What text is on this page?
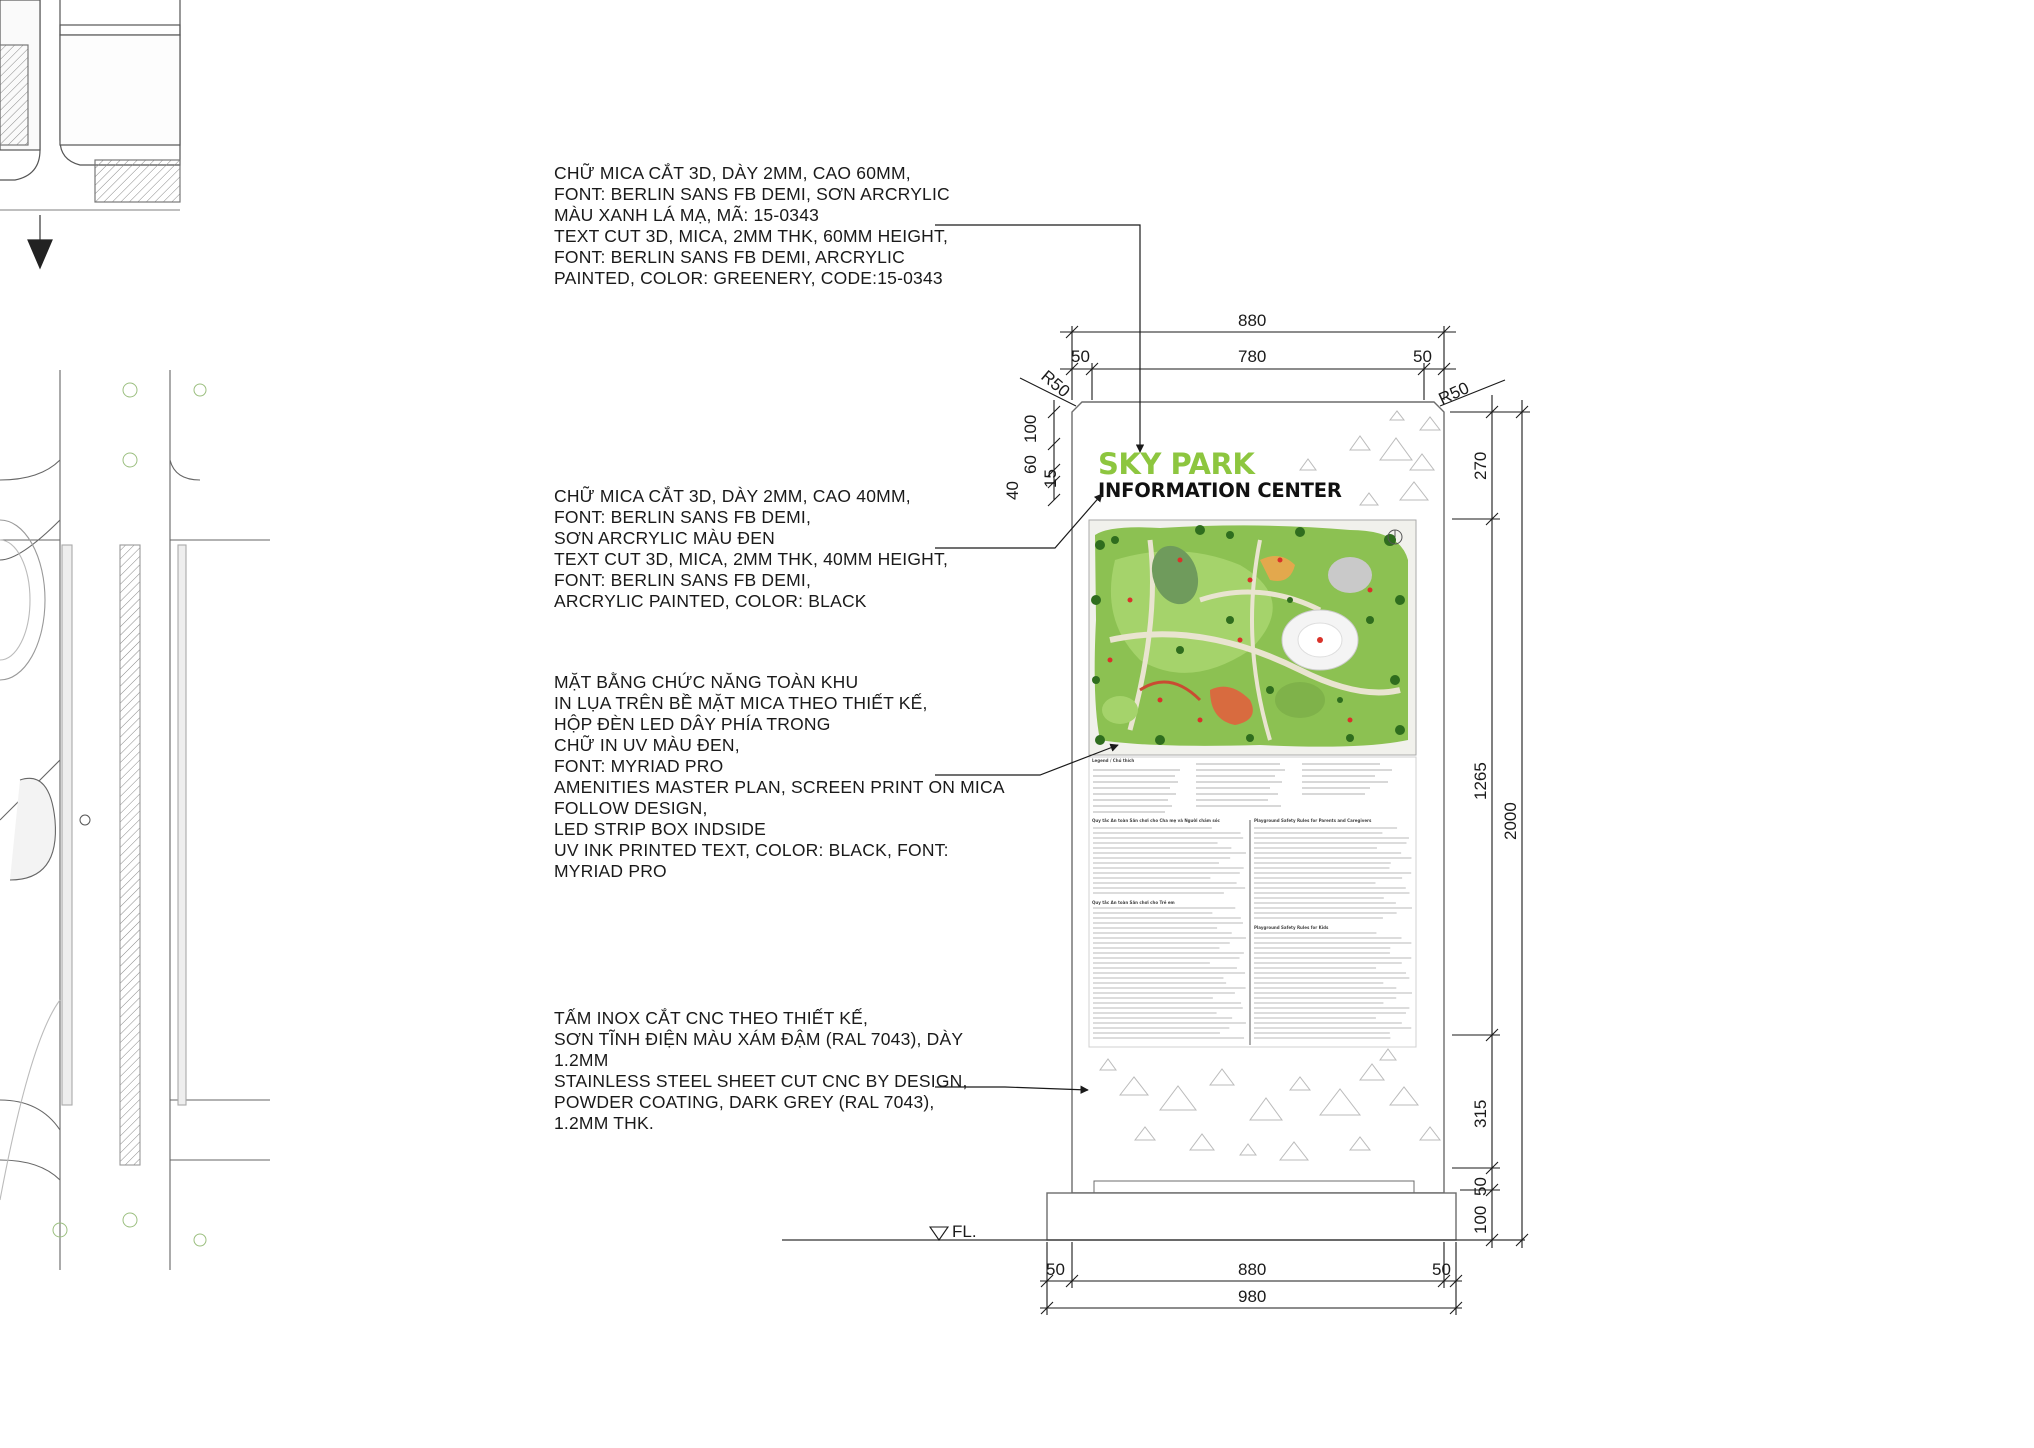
SKY PARK
INFORMATION CENTER
880
780
50	50
R50	R50
100
60
40
15	270
1265
315
50
100
2000
FL.
50	880	50
980
Legend / Chú thích
Quy tắc An toàn Sân chơi cho Cha mẹ và Người chăm sóc
Quy tắc An toàn Sân chơi cho Trẻ em
Playground Safety Rules for Parents and Caregivers
Playground Safety Rules for Kids
CHỮ MICA CẮT 3D, DÀY 2MM, CAO 60MM,
FONT: BERLIN SANS FB DEMI, SƠN ARCRYLIC
MÀU XANH LÁ MẠ, MÃ: 15-0343
TEXT CUT 3D, MICA, 2MM THK, 60MM HEIGHT,
FONT: BERLIN SANS FB DEMI, ARCRYLIC
PAINTED, COLOR: GREENERY, CODE:15-0343
CHỮ MICA CẮT 3D, DÀY 2MM, CAO 40MM,
FONT: BERLIN SANS FB DEMI,
SƠN ARCRYLIC MÀU ĐEN
TEXT CUT 3D, MICA, 2MM THK, 40MM HEIGHT,
FONT: BERLIN SANS FB DEMI,
ARCRYLIC PAINTED, COLOR: BLACK
MẶT BẰNG CHỨC NĂNG TOÀN KHU
IN LỤA TRÊN BỀ MẶT MICA THEO THIẾT KẾ,
HỘP ĐÈN LED DÂY PHÍA TRONG
CHỮ IN UV MÀU ĐEN,
FONT: MYRIAD PRO
AMENITIES MASTER PLAN, SCREEN PRINT ON MICA
FOLLOW DESIGN,
LED STRIP BOX INDSIDE
UV INK PRINTED TEXT, COLOR: BLACK, FONT:
MYRIAD PRO
TẤM INOX CẮT CNC THEO THIẾT KẾ,
SƠN TĨNH ĐIỆN MÀU XÁM ĐẬM (RAL 7043), DÀY
1.2MM
STAINLESS STEEL SHEET CUT CNC BY DESIGN,
POWDER COATING, DARK GREY (RAL 7043),
1.2MM THK.
